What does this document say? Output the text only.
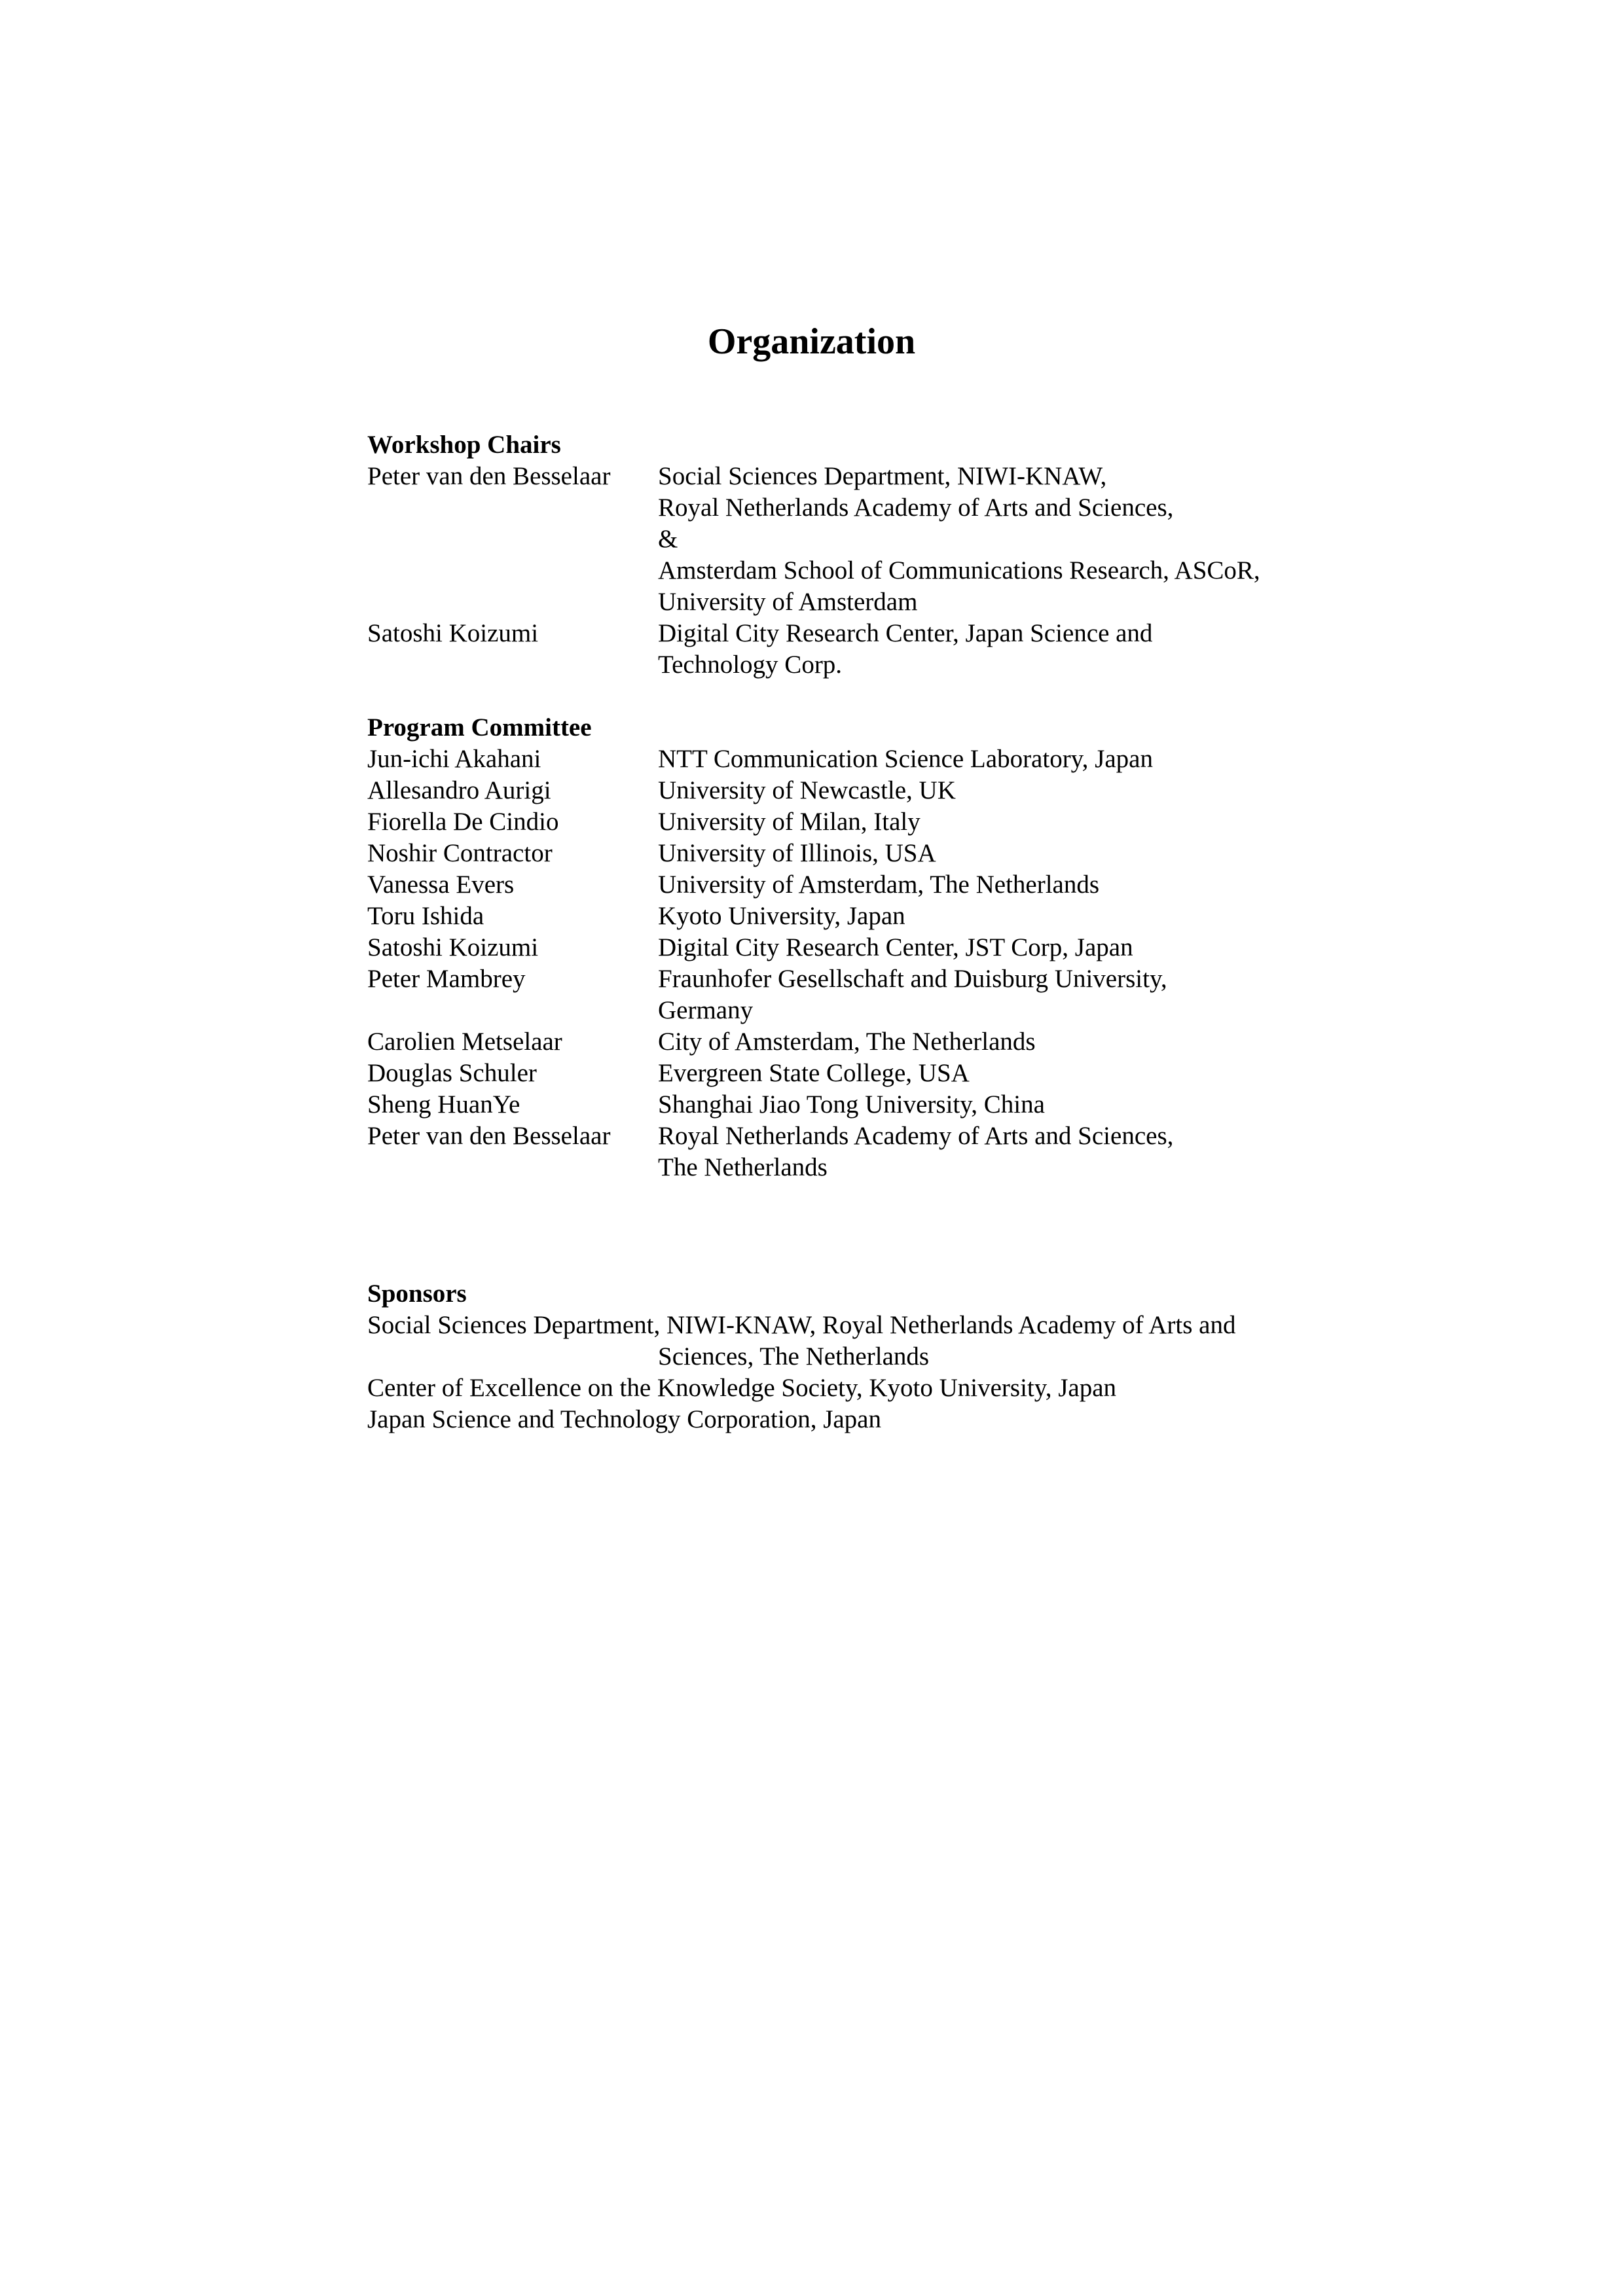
Organization
Workshop Chairs
Peter van den Besselaar	Social Sciences Department, NIWI-KNAW,
Royal Netherlands Academy of Arts and Sciences,
&
Amsterdam School of Communications Research, ASCoR,
University of Amsterdam
Satoshi Koizumi	Digital City Research Center, Japan Science and
Technology Corp.
Program Committee
Jun-ichi Akahani	NTT Communication Science Laboratory, Japan
Allesandro Aurigi	University of Newcastle, UK
Fiorella De Cindio	University of Milan, Italy
Noshir Contractor	University of Illinois, USA
Vanessa Evers	University of Amsterdam, The Netherlands
Toru Ishida	Kyoto University, Japan
Satoshi Koizumi	Digital City Research Center, JST Corp, Japan
Peter Mambrey	Fraunhofer Gesellschaft and Duisburg University,
Germany
Carolien Metselaar	City of Amsterdam, The Netherlands
Douglas Schuler	Evergreen State College, USA
Sheng HuanYe	Shanghai Jiao Tong University, China
Peter van den Besselaar	Royal Netherlands Academy of Arts and Sciences,
The Netherlands
Sponsors
Social Sciences Department, NIWI-KNAW, Royal Netherlands Academy of Arts and
Sciences, The Netherlands
Center of Excellence on the Knowledge Society, Kyoto University, Japan
Japan Science and Technology Corporation, Japan
